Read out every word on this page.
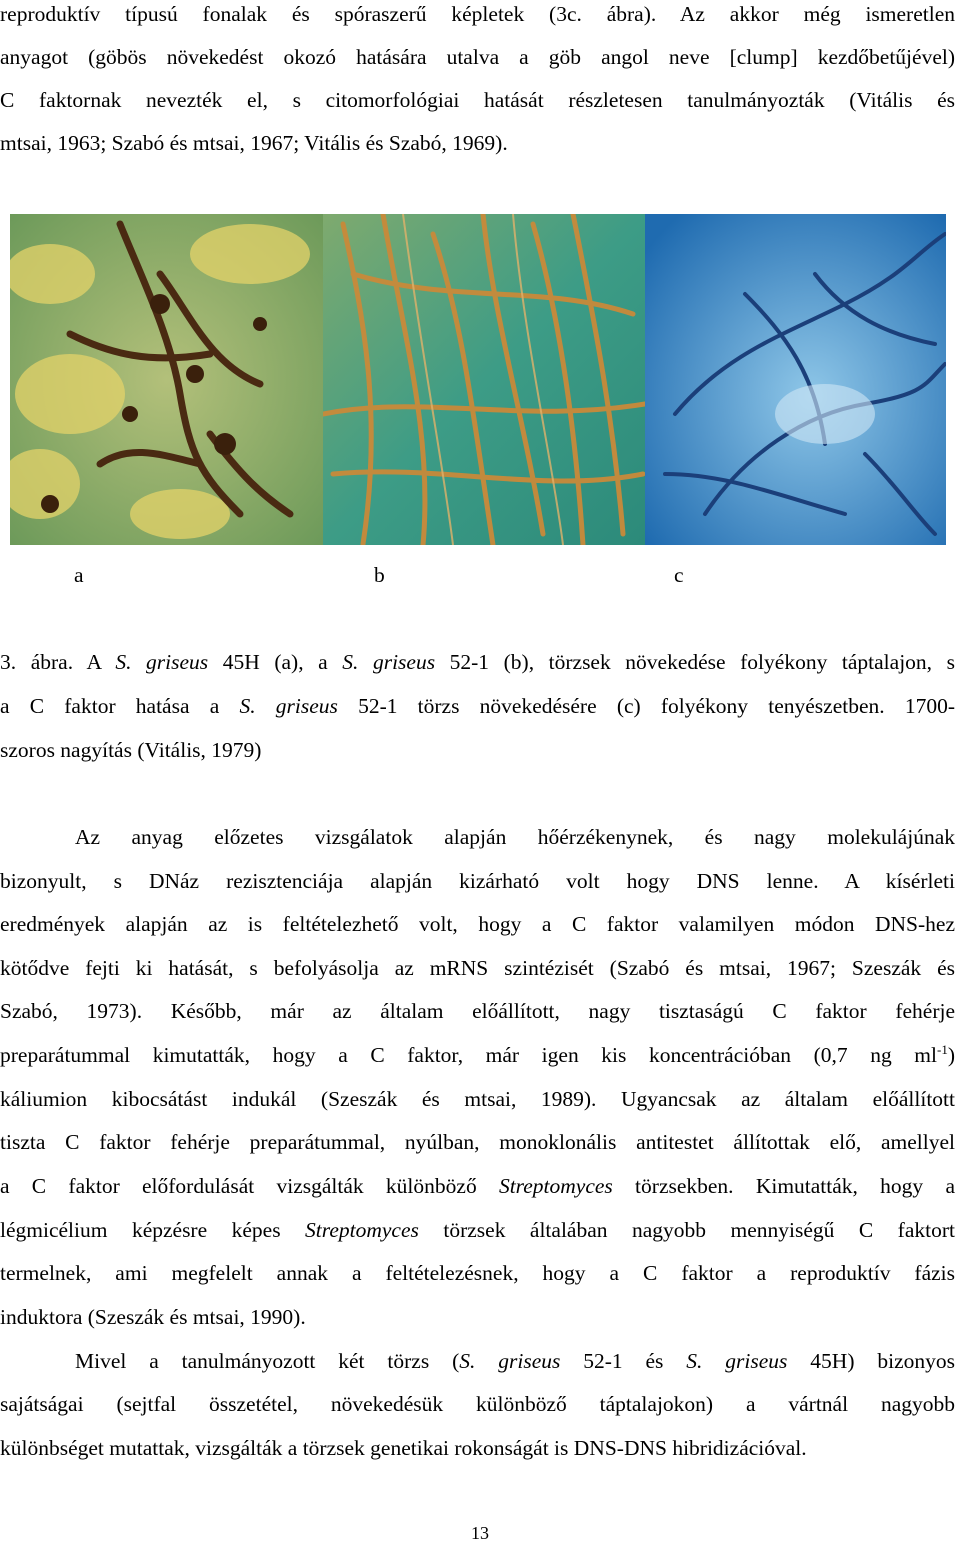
reproduktív típusú fonalak és spóraszerű képletek (3c. ábra). Az akkor még ismeretlen
anyagot (göbös növekedést okozó hatására utalva a göb angol neve [clump] kezdőbetűjével)
C faktornak nevezték el, s citomorfológiai hatását részletesen tanulmányozták (Vitális és
mtsai, 1963; Szabó és mtsai, 1967; Vitális és Szabó, 1969).
a	b	c
3. ábra. A S. griseus 45H (a), a S. griseus 52-1 (b), törzsek növekedése folyékony táptalajon, s
a C faktor hatása a S. griseus 52-1 törzs növekedésére (c) folyékony tenyészetben. 1700-
szoros nagyítás (Vitális, 1979)
Az anyag előzetes vizsgálatok alapján hőérzékenynek, és nagy molekulájúnak
bizonyult, s DNáz rezisztenciája alapján kizárható volt hogy DNS lenne. A kísérleti
eredmények alapján az is feltételezhető volt, hogy a C faktor valamilyen módon DNS-hez
kötődve fejti ki hatását, s befolyásolja az mRNS szintézisét (Szabó és mtsai, 1967; Szeszák és
Szabó, 1973). Később, már az általam előállított, nagy tisztaságú C faktor fehérje
preparátummal kimutatták, hogy a C faktor, már igen kis koncentrációban (0,7 ng $ml^{-1}$)
káliumion kibocsátást indukál (Szeszák és mtsai, 1989). Ugyancsak az általam előállított
tiszta C faktor fehérje preparátummal, nyúlban, monoklonális antitestet állítottak elő, amellyel
a C faktor előfordulását vizsgálták különböző Streptomyces törzsekben. Kimutatták, hogy a
légmicélium képzésre képes Streptomyces törzsek általában nagyobb mennyiségű C faktort
termelnek, ami megfelelt annak a feltételezésnek, hogy a C faktor a reproduktív fázis
induktora (Szeszák és mtsai, 1990).
Mivel a tanulmányozott két törzs (S. griseus 52-1 és S. griseus 45H) bizonyos
sajátságai (sejtfal összetétel, növekedésük különböző táptalajokon) a vártnál nagyobb
különbséget mutattak, vizsgálták a törzsek genetikai rokonságát is DNS-DNS hibridizációval.
13
